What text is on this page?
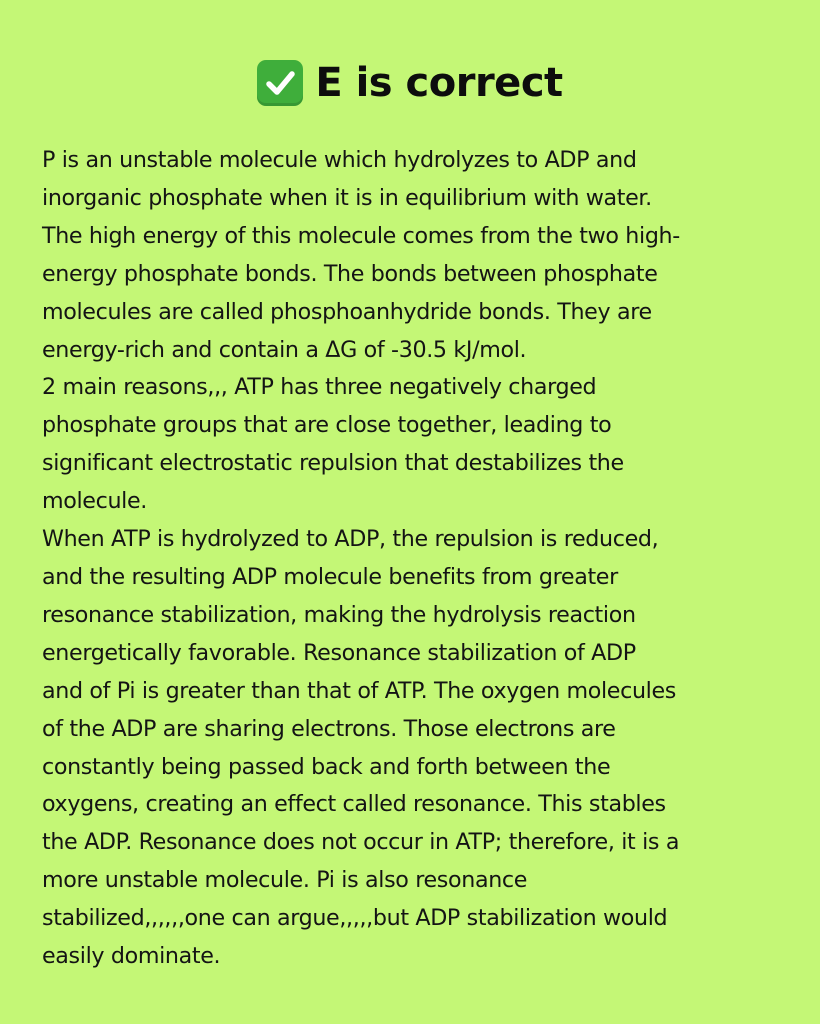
E is correct

P is an unstable molecule which hydrolyzes to ADP and
inorganic phosphate when it is in equilibrium with water.
The high energy of this molecule comes from the two high-
energy phosphate bonds. The bonds between phosphate
molecules are called phosphoanhydride bonds. They are
energy-rich and contain a ΔG of -30.5 kJ/mol.

2 main reasons,,, ATP has three negatively charged
phosphate groups that are close together, leading to
significant electrostatic repulsion that destabilizes the
molecule.

When ATP is hydrolyzed to ADP, the repulsion is reduced,
and the resulting ADP molecule benefits from greater
resonance stabilization, making the hydrolysis reaction
energetically favorable. Resonance stabilization of ADP
and of Pi is greater than that of ATP. The oxygen molecules
of the ADP are sharing electrons. Those electrons are
constantly being passed back and forth between the
oxygens, creating an effect called resonance. This stables
the ADP. Resonance does not occur in ATP; therefore, it is a
more unstable molecule. Pi is also resonance
stabilized,,,,,,one can argue,,,,,but ADP stabilization would
easily dominate.
